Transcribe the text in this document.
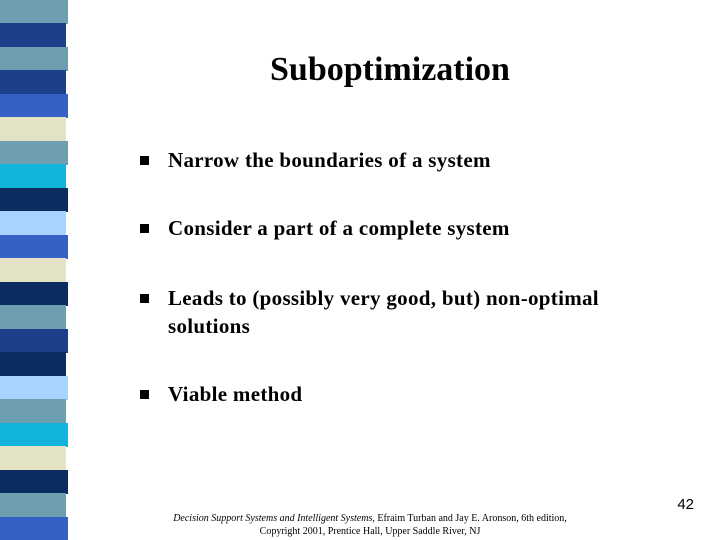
Suboptimization
Narrow the boundaries of a system
Consider a part of a complete system
Leads to (possibly very good, but) non-optimal solutions
Viable method
42
Decision Support Systems and Intelligent Systems, Efraim Turban and Jay E. Aronson, 6th edition,
Copyright 2001, Prentice Hall, Upper Saddle River, NJ
